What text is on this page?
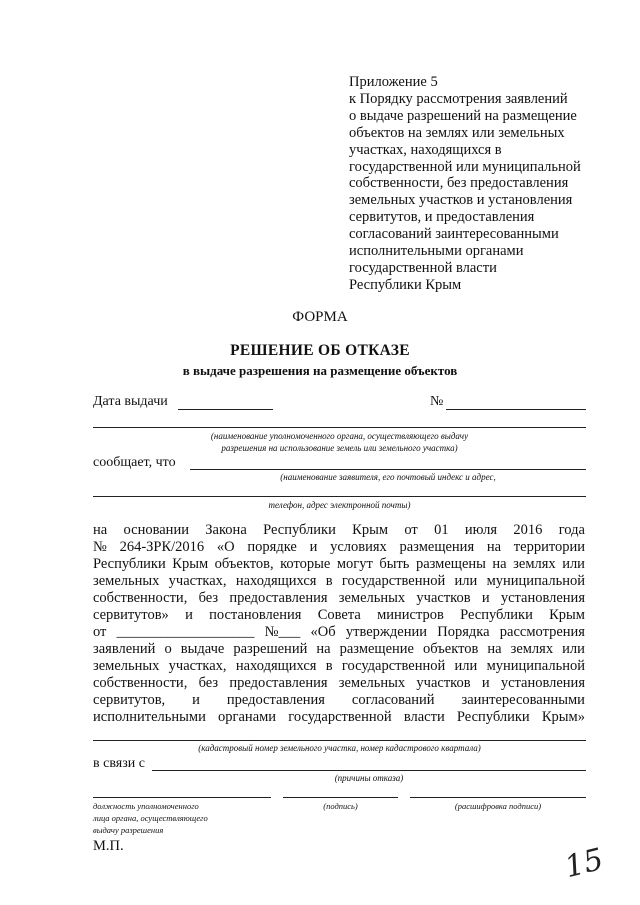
Приложение 5
к Порядку рассмотрения заявлений
о выдаче разрешений на размещение
объектов на землях или земельных
участках, находящихся в
государственной или муниципальной
собственности, без предоставления
земельных участков и установления
сервитутов, и предоставления
согласований заинтересованными
исполнительными органами
государственной власти
Республики Крым
ФОРМА
РЕШЕНИЕ ОБ ОТКАЗЕ
в выдаче разрешения на размещение объектов
Дата выдачи	№
(наименование уполномоченного органа, осуществляющего выдачу
разрешения на использование земель или земельного участка)
сообщает, что
(наименование заявителя, его почтовый индекс и адрес,
телефон, адрес электронной почты)
на основании Закона Республики Крым от 01 июля 2016 года
№ 264-ЗРК/2016 «О порядке и условиях размещения на территории
Республики Крым объектов, которые могут быть размещены на землях или
земельных участках, находящихся в государственной или муниципальной
собственности, без предоставления земельных участков и установления
сервитутов» и постановления Совета министров Республики Крым
от ___________________ №___ «Об утверждении Порядка рассмотрения
заявлений о выдаче разрешений на размещение объектов на землях или
земельных участках, находящихся в государственной или муниципальной
собственности, без предоставления земельных участков и установления
сервитутов, и предоставления согласований заинтересованными
исполнительными органами государственной власти Республики Крым»
(кадастровый номер земельного участка, номер кадастрового квартала)
в связи с
(причины отказа)
должность уполномоченного
лица органа, осуществляющего
выдачу разрешения
(подпись)	(расшифровка подписи)
М.П.	15
